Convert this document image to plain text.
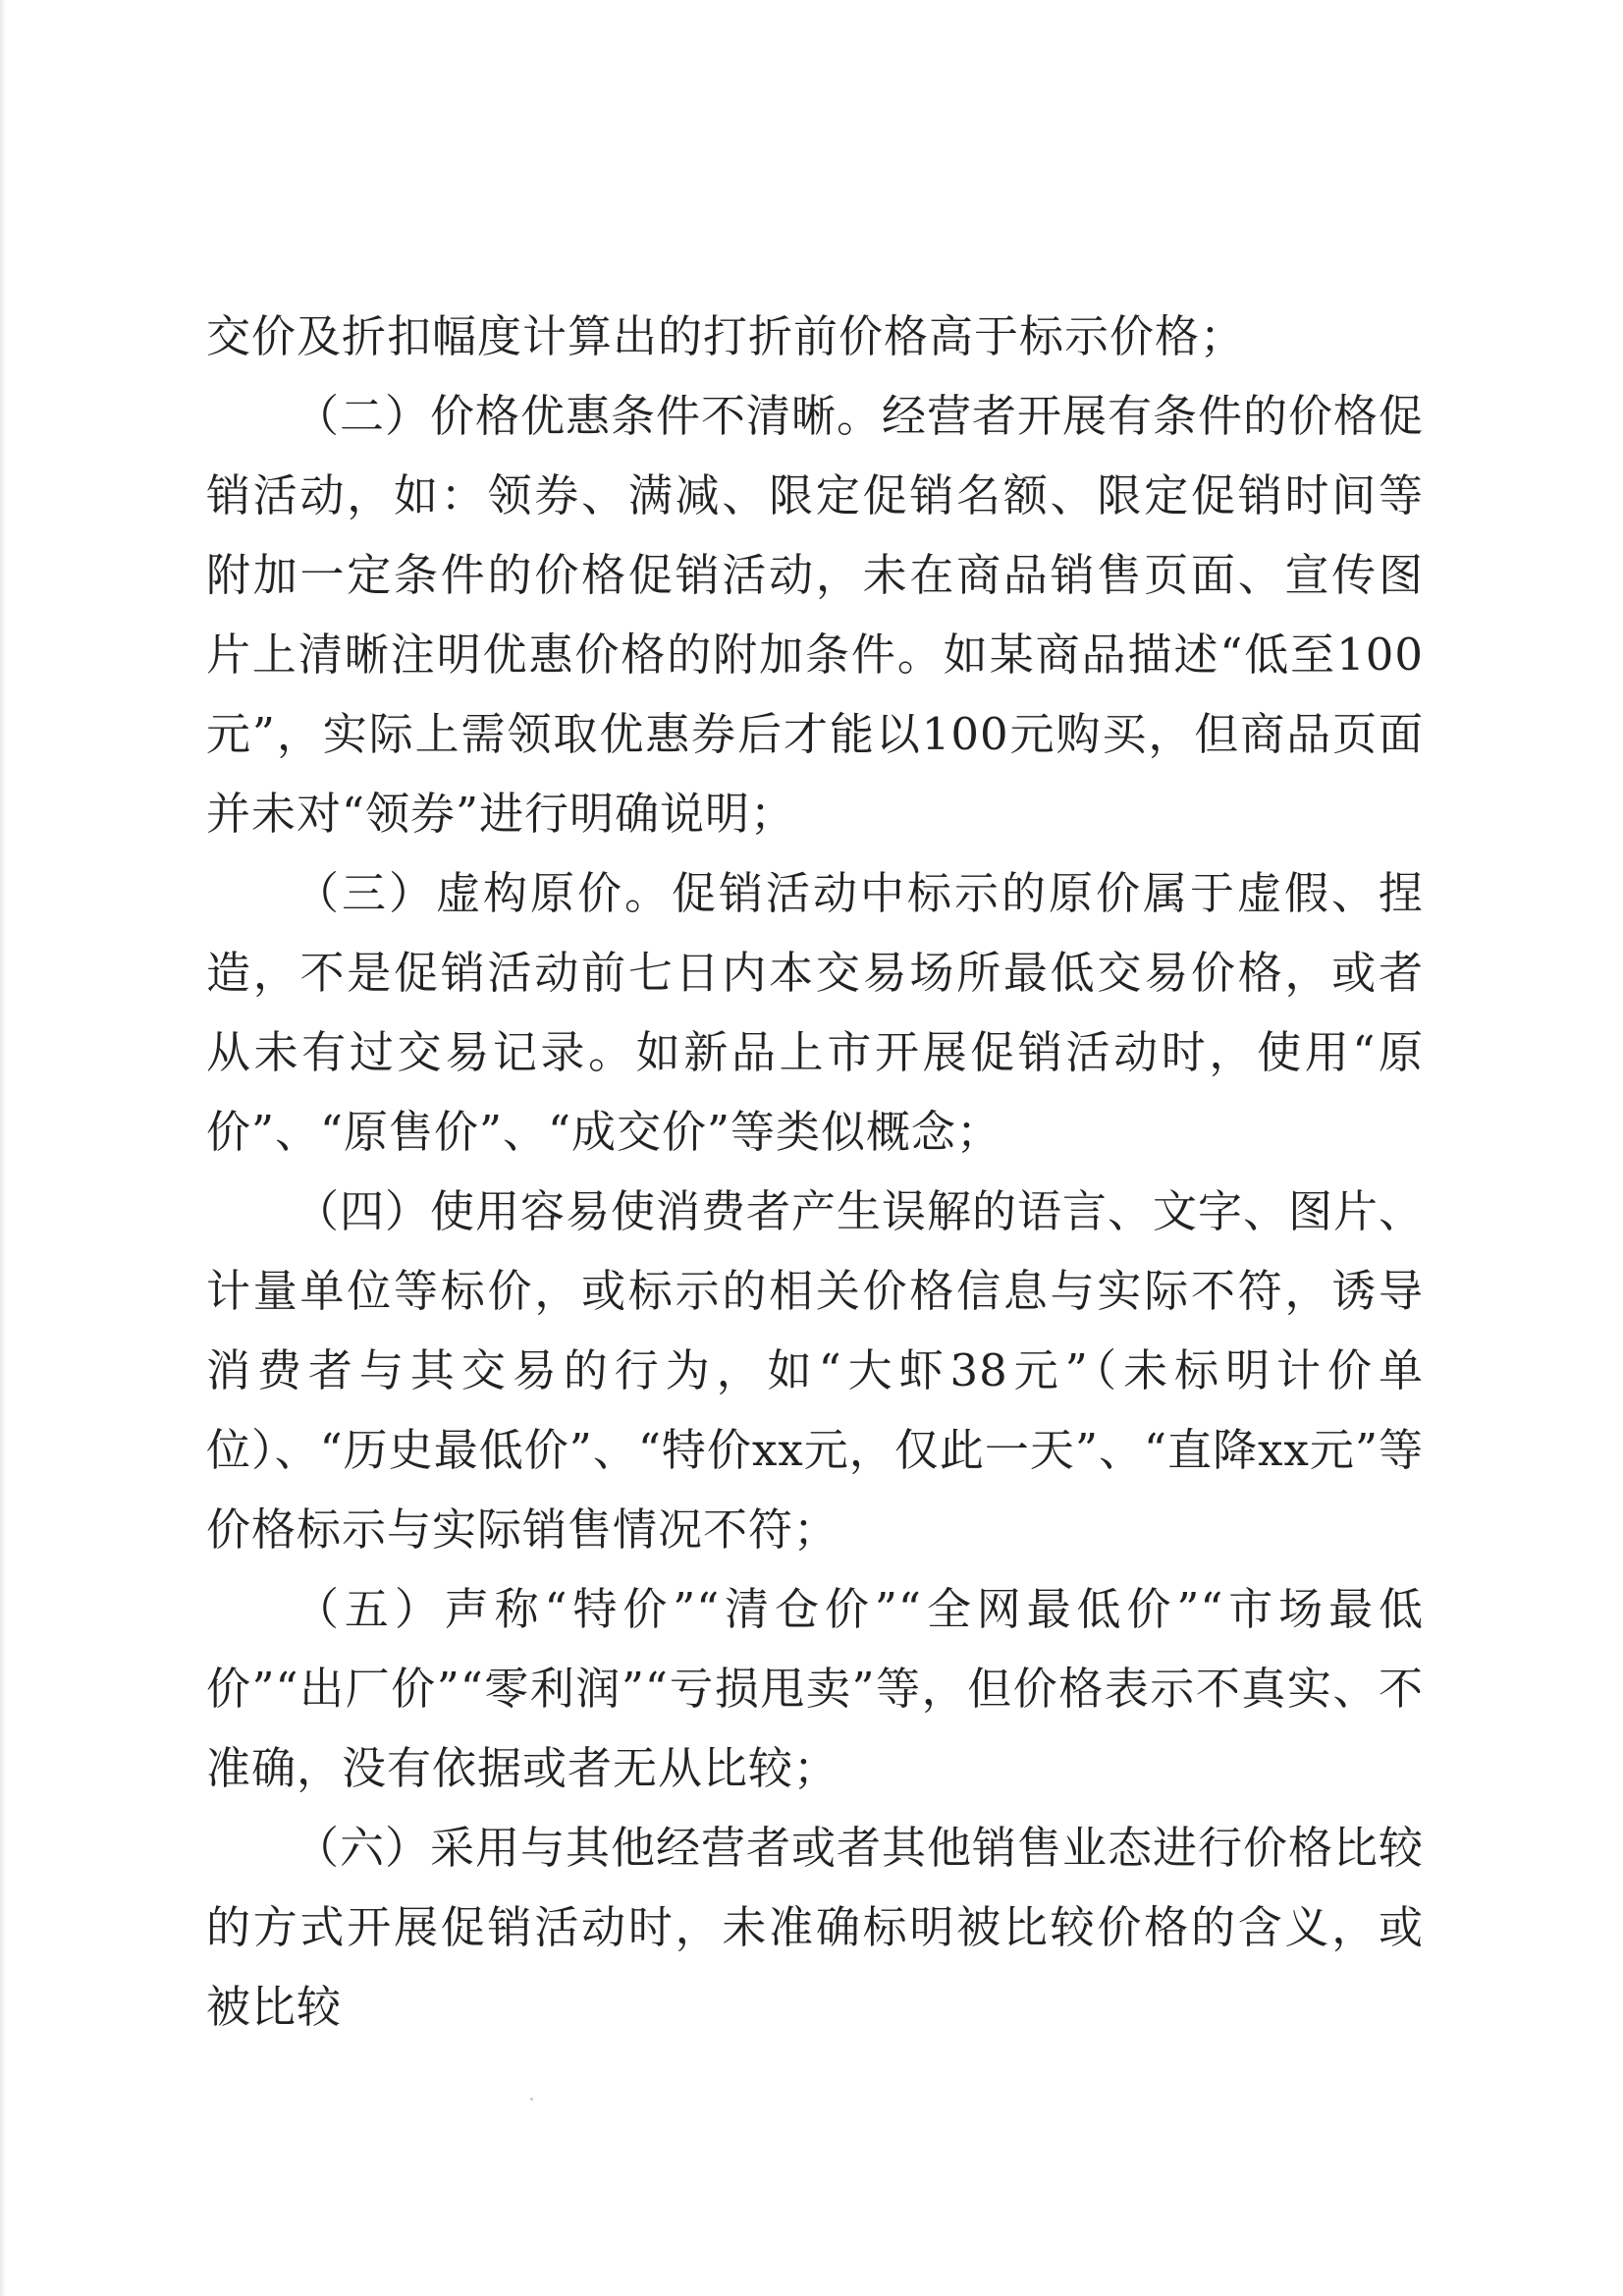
交价及折扣幅度计算出的打折前价格高于标示价格；

（二）价格优惠条件不清晰。经营者开展有条件的价格促销活动，如：领券、满减、限定促销名额、限定促销时间等附加一定条件的价格促销活动，未在商品销售页面、宣传图片上清晰注明优惠价格的附加条件。如某商品描述“低至100元”，实际上需领取优惠券后才能以100元购买，但商品页面并未对“领券”进行明确说明；

（三）虚构原价。促销活动中标示的原价属于虚假、捏造，不是促销活动前七日内本交易场所最低交易价格，或者从未有过交易记录。如新品上市开展促销活动时，使用“原价”、“原售价”、“成交价”等类似概念；

（四）使用容易使消费者产生误解的语言、文字、图片、计量单位等标价，或标示的相关价格信息与实际不符，诱导消费者与其交易的行为，如“大虾38元”（未标明计价单位）、“历史最低价”、“特价xx元，仅此一天”、“直降xx元”等价格标示与实际销售情况不符；

（五）声称“特价”“清仓价”“全网最低价”“市场最低价”“出厂价”“零利润”“亏损甩卖”等，但价格表示不真实、不准确，没有依据或者无从比较；

（六）采用与其他经营者或者其他销售业态进行价格比较的方式开展促销活动时，未准确标明被比较价格的含义，或被比较
